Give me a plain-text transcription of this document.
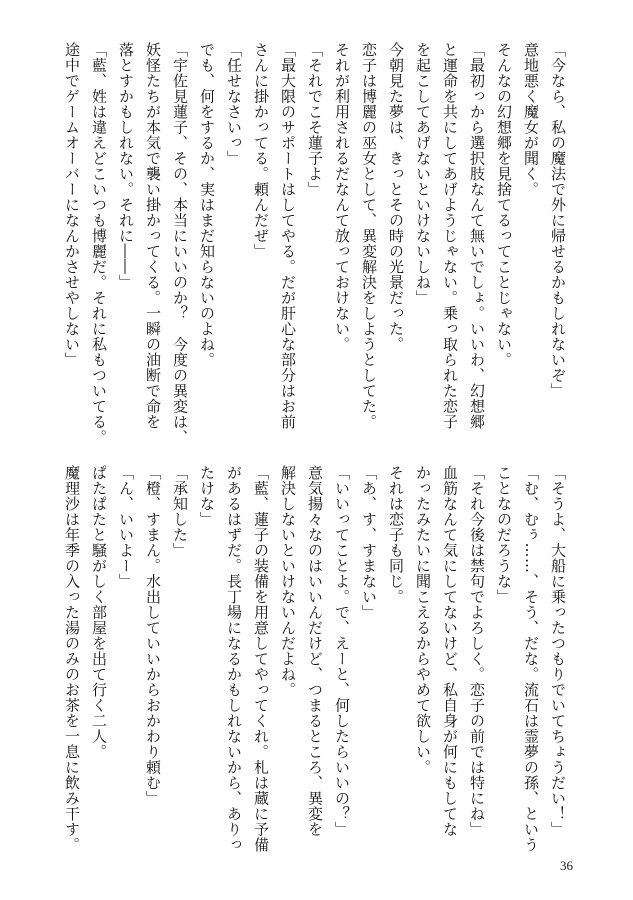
「今なら、私の魔法で外に帰せるかもしれないぞ」
意地悪く魔女が聞く。
そんなの幻想郷を見捨てるってことじゃない。
「最初っから選択肢なんて無いでしょ。いいわ、幻想郷
と運命を共にしてあげようじゃない。乗っ取られた恋子
を起こしてあげないといけないしね」
今朝見た夢は、きっとその時の光景だった。
恋子は博麗の巫女として、異変解決をしようとしてた。
それが利用されるだなんて放っておけない。
「それでこそ蓮子よ」
「最大限のサポートはしてやる。だが肝心な部分はお前
さんに掛かってる。頼んだぜ」
「任せなさいっ」
でも、何をするか、実はまだ知らないのよね。
「宇佐見蓮子、その、本当にいいのか？　今度の異変は、
妖怪たちが本気で襲い掛かってくる。一瞬の油断で命を
落とすかもしれない。それに――」
「藍、姓は違えどこいつも博麗だ。それに私もついてる。
途中でゲームオーバーになんかさせやしない」
「そうよ、大船に乗ったつもりでいてちょうだい！」
「む、むぅ……、そう、だな。流石は霊夢の孫、という
ことなのだろうな」
「それ今後は禁句でよろしく。恋子の前では特にね」
血筋なんて気にしてないけど、私自身が何にもしてな
かったみたいに聞こえるからやめて欲しい。
それは恋子も同じ。
「あ、す、すまない」
「いいってことよ。で、えーと、何したらいいの？」
意気揚々なのはいいんだけど、つまるところ、異変を
解決しないといけないんだよね。
「藍、蓮子の装備を用意してやってくれ。札は蔵に予備
があるはずだ。長丁場になるかもしれないから、ありっ
たけな」
「承知した」
「橙、すまん。水出していいからおかわり頼む」
「ん、いいよー」
ぱたぱたと騒がしく部屋を出て行く二人。
魔理沙は年季の入った湯のみのお茶を一息に飲み干す。
36
